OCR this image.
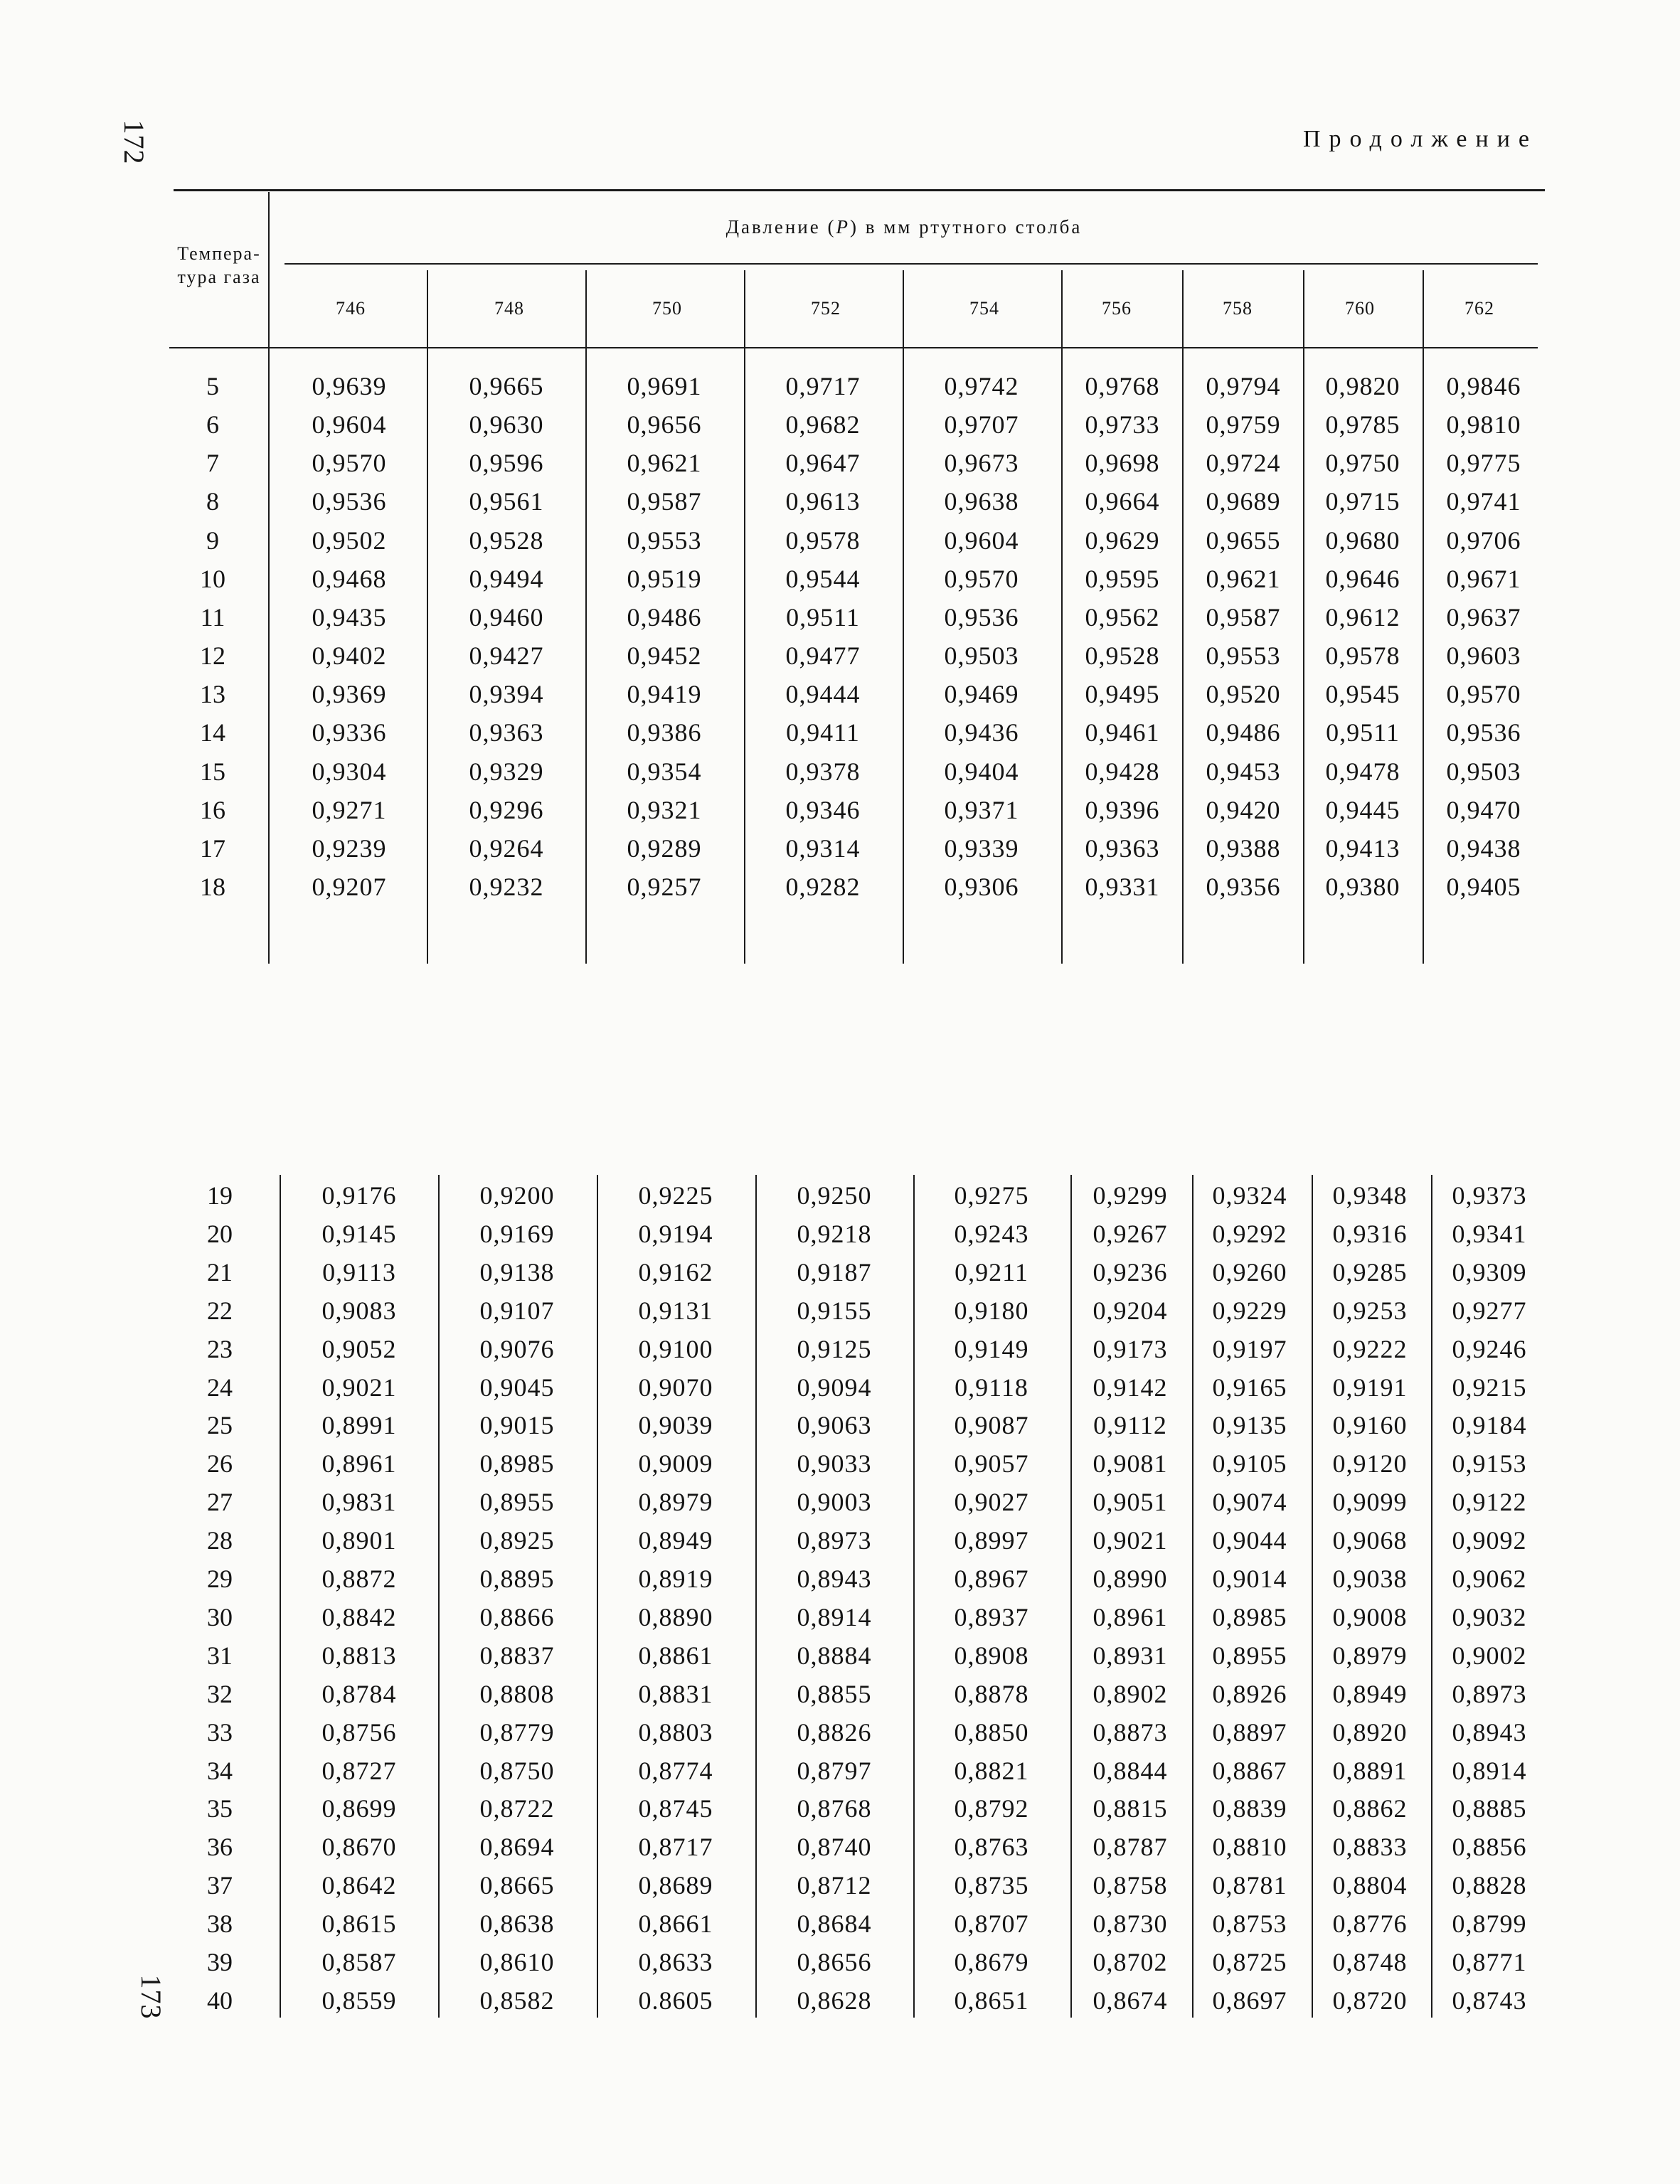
172
173
Продолжение
Темпера-
тура газа
Давление (P) в мм ртутного столба
746	748	750	752	754	756	758	760	762
5	0,9639	0,9665	0,9691	0,9717	0,9742	0,9768	0,9794	0,9820	0,9846
6	0,9604	0,9630	0,9656	0,9682	0,9707	0,9733	0,9759	0,9785	0,9810
7	0,9570	0,9596	0,9621	0,9647	0,9673	0,9698	0,9724	0,9750	0,9775
8	0,9536	0,9561	0,9587	0,9613	0,9638	0,9664	0,9689	0,9715	0,9741
9	0,9502	0,9528	0,9553	0,9578	0,9604	0,9629	0,9655	0,9680	0,9706
10	0,9468	0,9494	0,9519	0,9544	0,9570	0,9595	0,9621	0,9646	0,9671
11	0,9435	0,9460	0,9486	0,9511	0,9536	0,9562	0,9587	0,9612	0,9637
12	0,9402	0,9427	0,9452	0,9477	0,9503	0,9528	0,9553	0,9578	0,9603
13	0,9369	0,9394	0,9419	0,9444	0,9469	0,9495	0,9520	0,9545	0,9570
14	0,9336	0,9363	0,9386	0,9411	0,9436	0,9461	0,9486	0,9511	0,9536
15	0,9304	0,9329	0,9354	0,9378	0,9404	0,9428	0,9453	0,9478	0,9503
16	0,9271	0,9296	0,9321	0,9346	0,9371	0,9396	0,9420	0,9445	0,9470
17	0,9239	0,9264	0,9289	0,9314	0,9339	0,9363	0,9388	0,9413	0,9438
18	0,9207	0,9232	0,9257	0,9282	0,9306	0,9331	0,9356	0,9380	0,9405
19	0,9176	0,9200	0,9225	0,9250	0,9275	0,9299	0,9324	0,9348	0,9373
20	0,9145	0,9169	0,9194	0,9218	0,9243	0,9267	0,9292	0,9316	0,9341
21	0,9113	0,9138	0,9162	0,9187	0,9211	0,9236	0,9260	0,9285	0,9309
22	0,9083	0,9107	0,9131	0,9155	0,9180	0,9204	0,9229	0,9253	0,9277
23	0,9052	0,9076	0,9100	0,9125	0,9149	0,9173	0,9197	0,9222	0,9246
24	0,9021	0,9045	0,9070	0,9094	0,9118	0,9142	0,9165	0,9191	0,9215
25	0,8991	0,9015	0,9039	0,9063	0,9087	0,9112	0,9135	0,9160	0,9184
26	0,8961	0,8985	0,9009	0,9033	0,9057	0,9081	0,9105	0,9120	0,9153
27	0,9831	0,8955	0,8979	0,9003	0,9027	0,9051	0,9074	0,9099	0,9122
28	0,8901	0,8925	0,8949	0,8973	0,8997	0,9021	0,9044	0,9068	0,9092
29	0,8872	0,8895	0,8919	0,8943	0,8967	0,8990	0,9014	0,9038	0,9062
30	0,8842	0,8866	0,8890	0,8914	0,8937	0,8961	0,8985	0,9008	0,9032
31	0,8813	0,8837	0,8861	0,8884	0,8908	0,8931	0,8955	0,8979	0,9002
32	0,8784	0,8808	0,8831	0,8855	0,8878	0,8902	0,8926	0,8949	0,8973
33	0,8756	0,8779	0,8803	0,8826	0,8850	0,8873	0,8897	0,8920	0,8943
34	0,8727	0,8750	0,8774	0,8797	0,8821	0,8844	0,8867	0,8891	0,8914
35	0,8699	0,8722	0,8745	0,8768	0,8792	0,8815	0,8839	0,8862	0,8885
36	0,8670	0,8694	0,8717	0,8740	0,8763	0,8787	0,8810	0,8833	0,8856
37	0,8642	0,8665	0,8689	0,8712	0,8735	0,8758	0,8781	0,8804	0,8828
38	0,8615	0,8638	0,8661	0,8684	0,8707	0,8730	0,8753	0,8776	0,8799
39	0,8587	0,8610	0,8633	0,8656	0,8679	0,8702	0,8725	0,8748	0,8771
40	0,8559	0,8582	0.8605	0,8628	0,8651	0,8674	0,8697	0,8720	0,8743
